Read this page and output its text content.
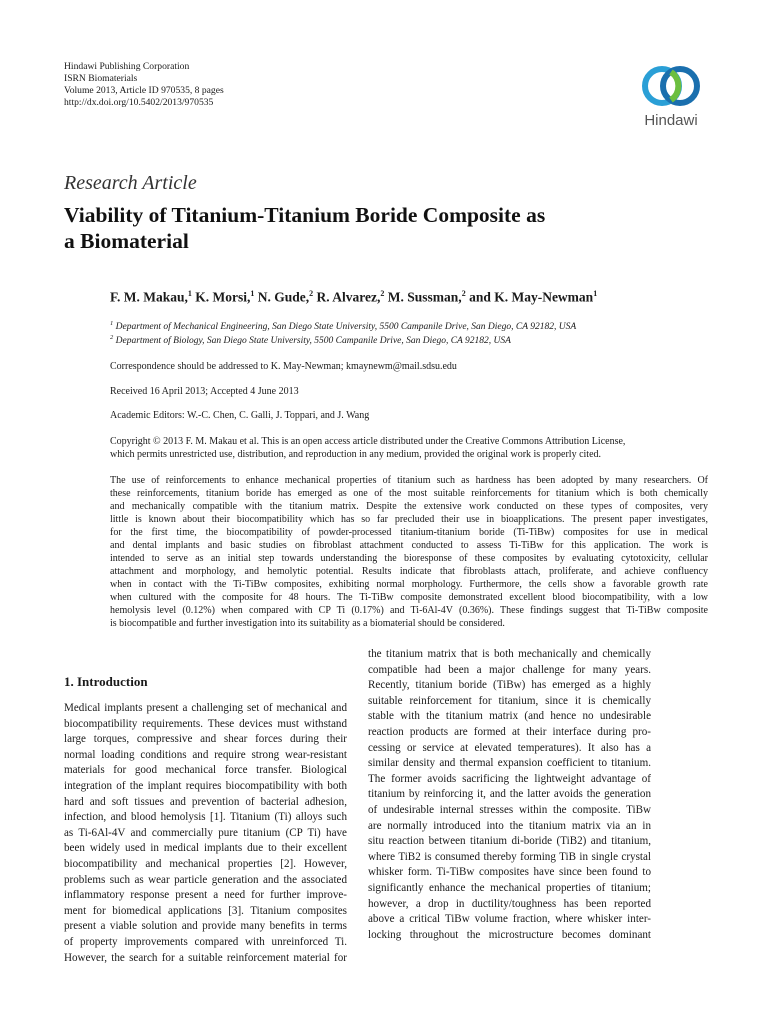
Hindawi Publishing Corporation
ISRN Biomaterials
Volume 2013, Article ID 970535, 8 pages
http://dx.doi.org/10.5402/2013/970535
Hindawi
Research Article
Viability of Titanium-Titanium Boride Composite as
a Biomaterial
F. M. Makau,$^1$ K. Morsi,$^1$ N. Gude,$^2$ R. Alvarez,$^2$ M. Sussman,$^2$ and K. May-Newman$^1$
$^1$ Department of Mechanical Engineering, San Diego State University, 5500 Campanile Drive, San Diego, CA 92182, USA
$^2$ Department of Biology, San Diego State University, 5500 Campanile Drive, San Diego, CA 92182, USA
Correspondence should be addressed to K. May-Newman; kmaynewm@mail.sdsu.edu
Received 16 April 2013; Accepted 4 June 2013
Academic Editors: W.-C. Chen, C. Galli, J. Toppari, and J. Wang
Copyright © 2013 F. M. Makau et al. This is an open access article distributed under the Creative Commons Attribution License,
which permits unrestricted use, distribution, and reproduction in any medium, provided the original work is properly cited.
The use of reinforcements to enhance mechanical properties of titanium such as hardness has been adopted by many researchers. Of
these reinforcements, titanium boride has emerged as one of the most suitable reinforcements for titanium which is both chemically
and mechanically compatible with the titanium matrix. Despite the extensive work conducted on these types of composites, very
little is known about their biocompatibility which has so far precluded their use in bioapplications. The present paper investigates,
for the first time, the biocompatibility of powder-processed titanium-titanium boride (Ti-TiBw) composites for use in medical
and dental implants and basic studies on fibroblast attachment conducted to assess Ti-TiBw for this application. The work is
intended to serve as an initial step towards understanding the bioresponse of these composites by evaluating cytotoxicity, cellular
attachment and morphology, and hemolytic potential. Results indicate that fibroblasts attach, proliferate, and achieve confluency
when in contact with the Ti-TiBw composites, exhibiting normal morphology. Furthermore, the cells show a favorable growth rate
when cultured with the composite for 48 hours. The Ti-TiBw composite demonstrated excellent blood biocompatibility, with a low
hemolysis level (0.12%) when compared with CP Ti (0.17%) and Ti-6Al-4V (0.36%). These findings suggest that Ti-TiBw composite
is biocompatible and further investigation into its suitability as a biomaterial should be considered.
1. Introduction
Medical implants present a challenging set of mechanical and
biocompatibility requirements. These devices must withstand
large torques, compressive and shear forces during their
normal loading conditions and require strong wear-resistant
materials for good mechanical force transfer. Biological
integration of the implant requires biocompatibility with both
hard and soft tissues and prevention of bacterial adhesion,
infection, and blood hemolysis [1]. Titanium (Ti) alloys such
as Ti-6Al-4V and commercially pure titanium (CP Ti) have
been widely used in medical implants due to their excellent
biocompatibility and mechanical properties [2]. However,
problems such as wear particle generation and the associated
inflammatory response present a need for further improve-
ment for biomedical applications [3]. Titanium composites
present a viable solution and provide many benefits in terms
of property improvements compared with unreinforced Ti.
However, the search for a suitable reinforcement material for
the titanium matrix that is both mechanically and chemically
compatible had been a major challenge for many years.
Recently, titanium boride (TiBw) has emerged as a highly
suitable reinforcement for titanium, since it is chemically
stable with the titanium matrix (and hence no undesirable
reaction products are formed at their interface during pro-
cessing or service at elevated temperatures). It also has a
similar density and thermal expansion coefficient to titanium.
The former avoids sacrificing the lightweight advantage of
titanium by reinforcing it, and the latter avoids the generation
of undesirable internal stresses within the composite. TiBw
are normally introduced into the titanium matrix via an in
situ reaction between titanium di-boride (TiB2) and titanium,
where TiB2 is consumed thereby forming TiB in single crystal
whisker form. Ti-TiBw composites have since been found to
significantly enhance the mechanical properties of titanium;
however, a drop in ductility/toughness has been reported
above a critical TiBw volume fraction, where whisker inter-
locking throughout the microstructure becomes dominant
